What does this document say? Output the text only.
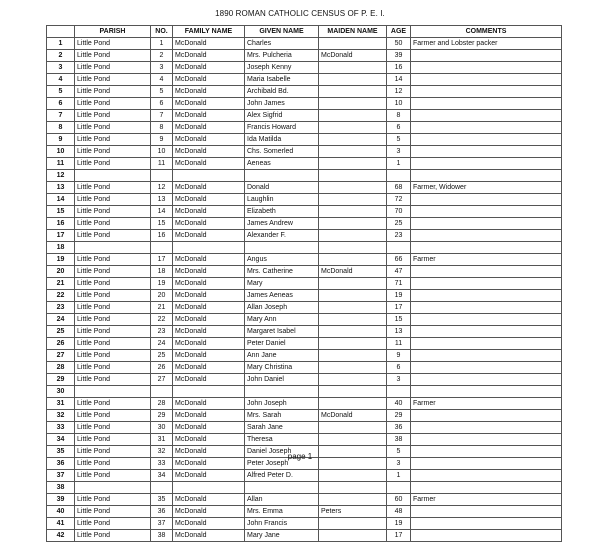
1890 ROMAN CATHOLIC CENSUS OF P. E. I.
	PARISH	NO.	FAMILY NAME	GIVEN NAME	MAIDEN NAME	AGE	COMMENTS
1	Little Pond	1	McDonald	Charles		50	Farmer and Lobster packer
2	Little Pond	2	McDonald	Mrs. Pulcheria	McDonald	39	
3	Little Pond	3	McDonald	Joseph Kenny		16	
4	Little Pond	4	McDonald	Maria Isabelle		14	
5	Little Pond	5	McDonald	Archibald Bd.		12	
6	Little Pond	6	McDonald	John James		10	
7	Little Pond	7	McDonald	Alex Sigfrid		8	
8	Little Pond	8	McDonald	Francis Howard		6	
9	Little Pond	9	McDonald	Ida Matilda		5	
10	Little Pond	10	McDonald	Chs. Somerled		3	
11	Little Pond	11	McDonald	Aeneas		1	
12							
13	Little Pond	12	McDonald	Donald		68	Farmer, Widower
14	Little Pond	13	McDonald	Laughlin		72	
15	Little Pond	14	McDonald	Elizabeth		70	
16	Little Pond	15	McDonald	James Andrew		25	
17	Little Pond	16	McDonald	Alexander F.		23	
18							
19	Little Pond	17	McDonald	Angus		66	Farmer
20	Little Pond	18	McDonald	Mrs. Catherine	McDonald	47	
21	Little Pond	19	McDonald	Mary		71	
22	Little Pond	20	McDonald	James Aeneas		19	
23	Little Pond	21	McDonald	Allan Joseph		17	
24	Little Pond	22	McDonald	Mary Ann		15	
25	Little Pond	23	McDonald	Margaret Isabel		13	
26	Little Pond	24	McDonald	Peter Daniel		11	
27	Little Pond	25	McDonald	Ann Jane		9	
28	Little Pond	26	McDonald	Mary Christina		6	
29	Little Pond	27	McDonald	John Daniel		3	
30							
31	Little Pond	28	McDonald	John Joseph		40	Farmer
32	Little Pond	29	McDonald	Mrs. Sarah	McDonald	29	
33	Little Pond	30	McDonald	Sarah Jane		36	
34	Little Pond	31	McDonald	Theresa		38	
35	Little Pond	32	McDonald	Daniel Joseph		5	
36	Little Pond	33	McDonald	Peter Joseph		3	
37	Little Pond	34	McDonald	Alfred Peter D.		1	
38							
39	Little Pond	35	McDonald	Allan		60	Farmer
40	Little Pond	36	McDonald	Mrs. Emma	Peters	48	
41	Little Pond	37	McDonald	John Francis		19	
42	Little Pond	38	McDonald	Mary Jane		17	
page 1
